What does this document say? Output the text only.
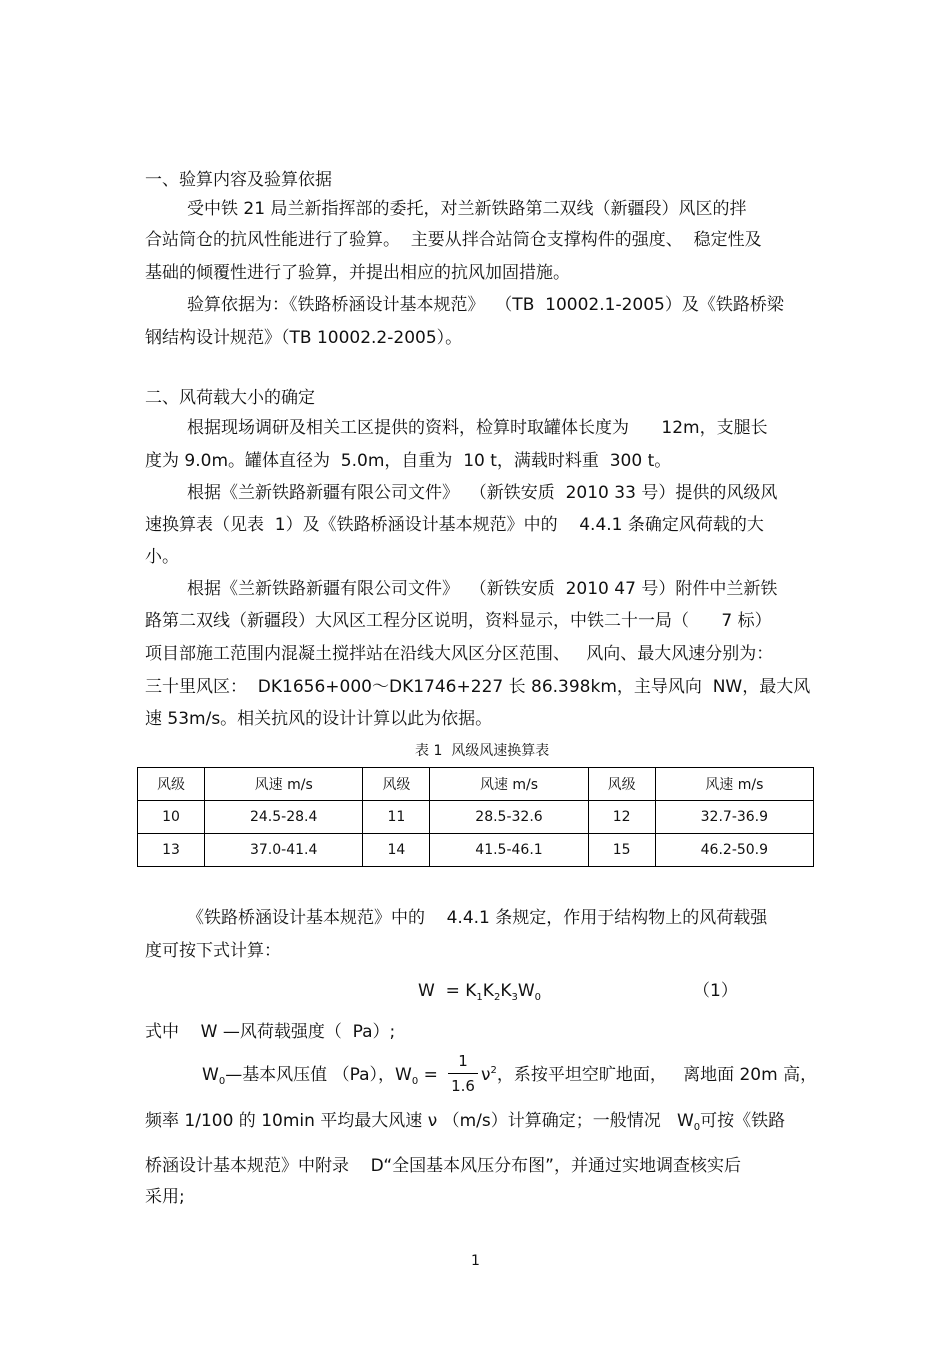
一、验算内容及验算依据

受中铁 21 局兰新指挥部的委托，对兰新铁路第二双线（新疆段）风区的拌

合站筒仓的抗风性能进行了验算。  主要从拌合站筒仓支撑构件的强度、  稳定性及

基础的倾覆性进行了验算，并提出相应的抗风加固措施。

验算依据为：《铁路桥涵设计基本规范》  （TB  10002.1-2005）及《铁路桥梁

钢结构设计规范》（TB 10002.2-2005）。

二、风荷载大小的确定

根据现场调研及相关工区提供的资料，检算时取罐体长度为      12m，支腿长

度为 9.0m。罐体直径为  5.0m，自重为  10 t，满载时料重  300 t。

根据《兰新铁路新疆有限公司文件》  （新铁安质  2010 33 号）提供的风级风

速换算表（见表  1）及《铁路桥涵设计基本规范》中的    4.4.1 条确定风荷载的大

小。

根据《兰新铁路新疆有限公司文件》  （新铁安质  2010 47 号）附件中兰新铁

路第二双线（新疆段）大风区工程分区说明，资料显示，中铁二十一局（      7 标）

项目部施工范围内混凝土搅拌站在沿线大风区分区范围、   风向、最大风速分别为：

三十里风区：  DK1656+000～DK1746+227 长 86.398km，主导风向  NW，最大风

速 53m/s。相关抗风的设计计算以此为依据。

表 1  风级风速换算表

风级	风速 m/s	风级	风速 m/s	风级	风速 m/s
10	24.5-28.4	11	28.5-32.6	12	32.7-36.9
13	37.0-41.4	14	41.5-46.1	15	46.2-50.9

《铁路桥涵设计基本规范》中的    4.4.1 条规定，作用于结构物上的风荷载强

度可按下式计算：

$W = K_1K_2K_3W_0$	（1）

式中    W —风荷载强度（  Pa）;

$W_0—$基本风压值 （Pa），$W_0$ =
1
1.6
$\nu^2$，系按平坦空旷地面，   离地面 20m 高，
频率 1/100 的 10min 平均最大风速 ν （m/s）计算确定；一般情况   $W_0$可按《铁路

桥涵设计基本规范》中附录    D“全国基本风压分布图”，并通过实地调查核实后

采用;

1
